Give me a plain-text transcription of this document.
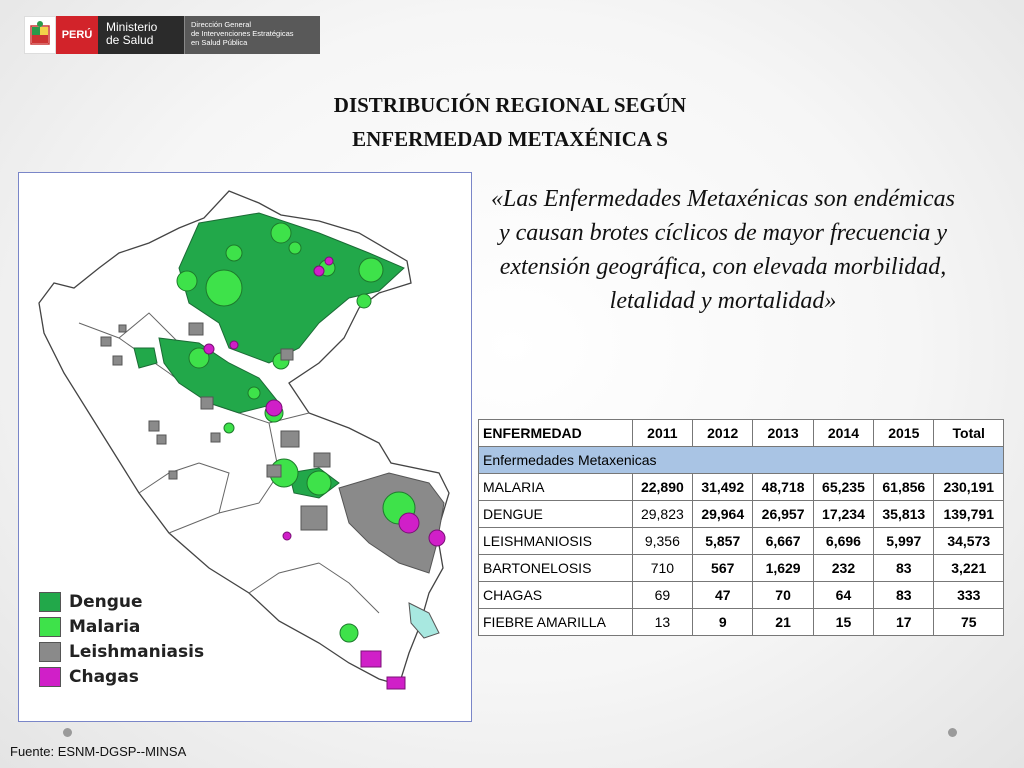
PERÚ
Ministerio
de Salud
Dirección General
de Intervenciones Estratégicas
en Salud Pública
DISTRIBUCIÓN REGIONAL SEGÚN
ENFERMEDAD METAXÉNICA S
Dengue
Malaria
Leishmaniasis
Chagas
«Las Enfermedades Metaxénicas son endémicas y causan brotes cíclicos de mayor frecuencia y extensión geográfica, con elevada morbilidad, letalidad y mortalidad»
ENFERMEDAD	2011	2012	2013	2014	2015	Total
Enfermedades Metaxenicas						
MALARIA	22,890	31,492	48,718	65,235	61,856	230,191
DENGUE	29,823	29,964	26,957	17,234	35,813	139,791
LEISHMANIOSIS	9,356	5,857	6,667	6,696	5,997	34,573
BARTONELOSIS	710	567	1,629	232	83	3,221
CHAGAS	69	47	70	64	83	333
FIEBRE AMARILLA	13	9	21	15	17	75
Fuente: ESNM-DGSP--MINSA
